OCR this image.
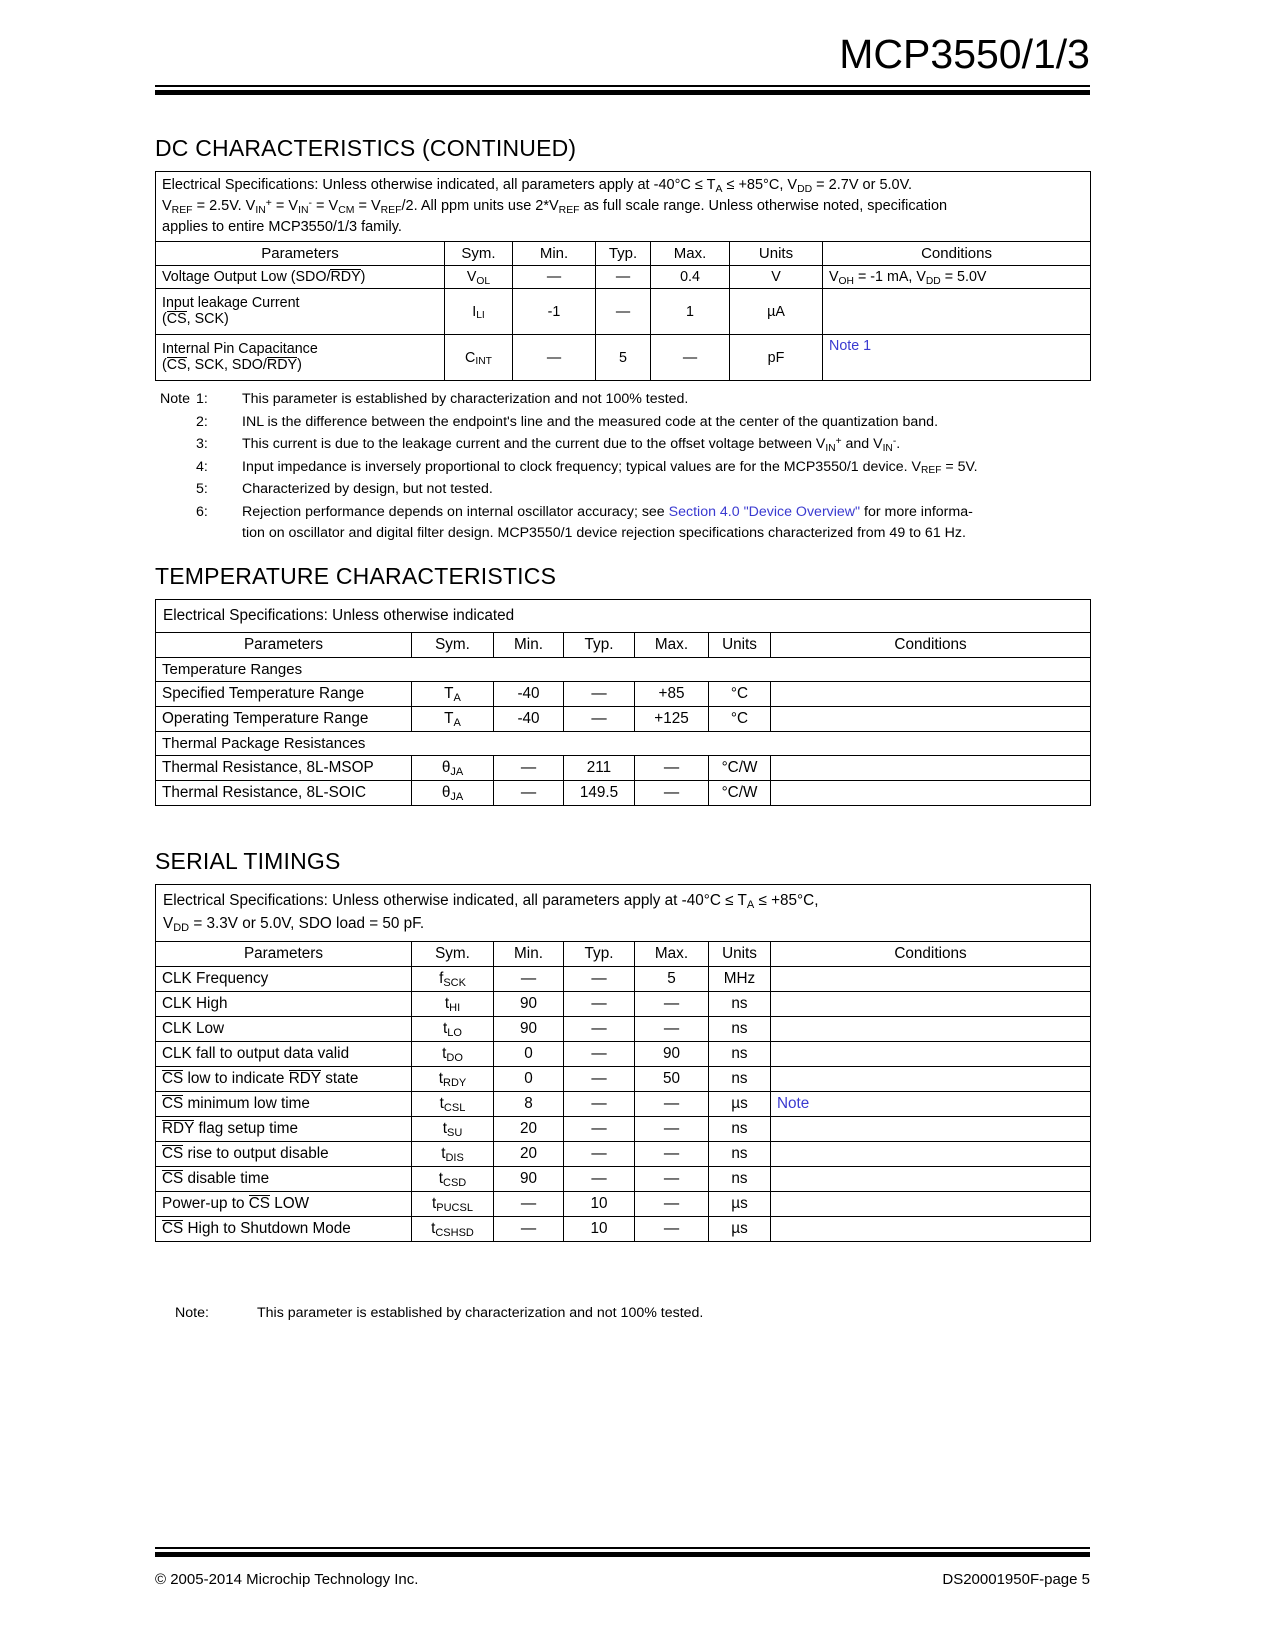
MCP3550/1/3
DC CHARACTERISTICS (CONTINUED)
Electrical Specifications: Unless otherwise indicated, all parameters apply at $-40^\circ C \le T_A \le +85^\circ C$, $V_{DD} = 2.7V$ or 5.0V.
$V_{REF} = 2.5V$. $V_{IN}^+ = V_{IN}^- = V_{CM} = V_{REF}/2$. All ppm units use $2*V_{REF}$ as full scale range. Unless otherwise noted, specification
applies to entire MCP3550/1/3 family.						
Parameters	Sym.	Min.	Typ.	Max.	Units	Conditions
Voltage Output Low (SDO/RDY)	$V_{OL}$	—	—	0.4	V	$V_{OH} = -1$ mA, $V_{DD} = 5.0V$
Input leakage Current
(CS, SCK)	$I_{LI}$	-1	—	1	µA	
Internal Pin Capacitance
(CS, SCK, SDO/RDY)	$C_{INT}$	—	5	—	pF	Note 1
Note 1:	This parameter is established by characterization and not 100% tested.
2:	INL is the difference between the endpoint's line and the measured code at the center of the quantization band.
3:	This current is due to the leakage current and the current due to the offset voltage between $V_{IN}^+$ and $V_{IN}^-$.
4:	Input impedance is inversely proportional to clock frequency; typical values are for the MCP3550/1 device. $V_{REF} = 5V$.
5:	Characterized by design, but not tested.
6:	Rejection performance depends on internal oscillator accuracy; see Section 4.0 "Device Overview" for more informa-
tion on oscillator and digital filter design. MCP3550/1 device rejection specifications characterized from 49 to 61 Hz.
TEMPERATURE CHARACTERISTICS
Electrical Specifications: Unless otherwise indicated						
Parameters	Sym.	Min.	Typ.	Max.	Units	Conditions
Temperature Ranges						
Specified Temperature Range	$T_A$	-40	—	+85	°C	
Operating Temperature Range	$T_A$	-40	—	+125	°C	
Thermal Package Resistances						
Thermal Resistance, 8L-MSOP	$\theta_{JA}$	—	211	—	°C/W	
Thermal Resistance, 8L-SOIC	$\theta_{JA}$	—	149.5	—	°C/W	
SERIAL TIMINGS
Electrical Specifications: Unless otherwise indicated, all parameters apply at $-40^\circ C \le T_A \le +85^\circ C$,
$V_{DD} = 3.3V$ or 5.0V, SDO load = 50 pF.						
Parameters	Sym.	Min.	Typ.	Max.	Units	Conditions
CLK Frequency	$f_{SCK}$	—	—	5	MHz	
CLK High	$t_{HI}$	90	—	—	ns	
CLK Low	$t_{LO}$	90	—	—	ns	
CLK fall to output data valid	$t_{DO}$	0	—	90	ns	
CS low to indicate RDY state	$t_{RDY}$	0	—	50	ns	
CS minimum low time	$t_{CSL}$	8	—	—	µs	Note
RDY flag setup time	$t_{SU}$	20	—	—	ns	
CS rise to output disable	$t_{DIS}$	20	—	—	ns	
CS disable time	$t_{CSD}$	90	—	—	ns	
Power-up to CS LOW	$t_{PUCSL}$	—	10	—	µs	
CS High to Shutdown Mode	$t_{CSHSD}$	—	10	—	µs	
Note:	This parameter is established by characterization and not 100% tested.
© 2005-2014 Microchip Technology Inc.	DS20001950F-page 5
